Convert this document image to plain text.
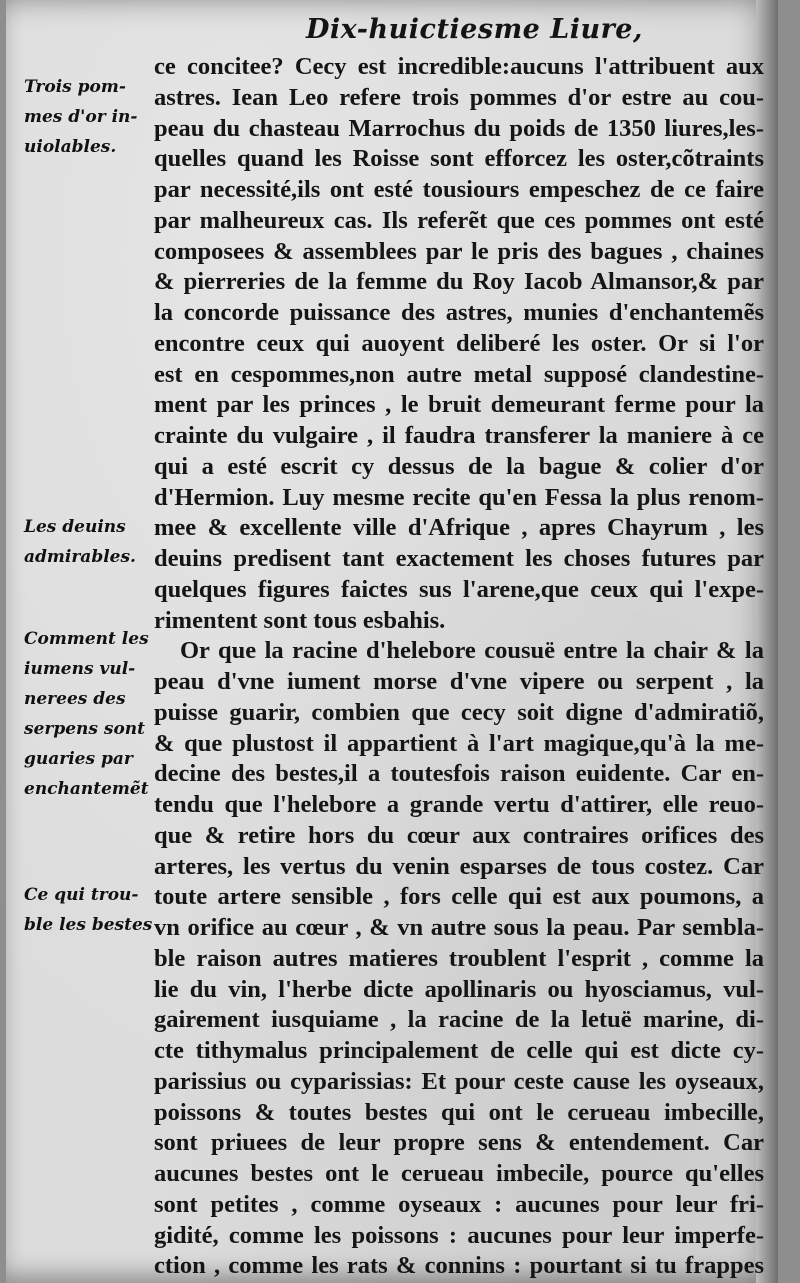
Dix-huictiesme Liure,
Trois pom-
mes d'or in-
uiolables.
Les deuins
admirables.
Comment les
iumens vul-
nerees des
serpens sont
guaries par
enchantemẽt
Ce qui trou-
ble les bestes
ce concitee? Cecy est incredible:aucuns l'attribuent aux
astres. Iean Leo refere trois pommes d'or estre au cou-
peau du chasteau Marrochus du poids de 1350 liures,les-
quelles quand les Roisse sont efforcez les oster,cõtraints
par necessité,ils ont esté tousiours empeschez de ce faire
par malheureux cas. Ils referẽt que ces pommes ont esté
composees & assemblees par le pris des bagues , chaines
& pierreries de la femme du Roy Iacob Almansor,& par
la concorde puissance des astres, munies d'enchantemẽs
encontre ceux qui auoyent deliberé les oster. Or si l'or
est en cespommes,non autre metal supposé clandestine-
ment par les princes , le bruit demeurant ferme pour la
crainte du vulgaire , il faudra transferer la maniere à ce
qui a esté escrit cy dessus de la bague & colier d'or
d'Hermion. Luy mesme recite qu'en Fessa la plus renom-
mee & excellente ville d'Afrique , apres Chayrum , les
deuins predisent tant exactement les choses futures par
quelques figures faictes sus l'arene,que ceux qui l'expe-
rimentent sont tous esbahis.
Or que la racine d'helebore cousuë entre la chair & la
peau d'vne iument morse d'vne vipere ou serpent , la
puisse guarir, combien que cecy soit digne d'admiratiõ,
& que plustost il appartient à l'art magique,qu'à la me-
decine des bestes,il a toutesfois raison euidente. Car en-
tendu que l'helebore a grande vertu d'attirer, elle reuo-
que & retire hors du cœur aux contraires orifices des
arteres, les vertus du venin esparses de tous costez. Car
toute artere sensible , fors celle qui est aux poumons, a
vn orifice au cœur , & vn autre sous la peau. Par sembla-
ble raison autres matieres troublent l'esprit , comme la
lie du vin, l'herbe dicte apollinaris ou hyosciamus, vul-
gairement iusquiame , la racine de la letuë marine, di-
cte tithymalus principalement de celle qui est dicte cy-
parissius ou cyparissias: Et pour ceste cause les oyseaux,
poissons & toutes bestes qui ont le cerueau imbecille,
sont priuees de leur propre sens & entendement. Car
aucunes bestes ont le cerueau imbecile, pource qu'elles
sont petites , comme oyseaux : aucunes pour leur fri-
gidité, comme les poissons : aucunes pour leur imperfe-
ction , comme les rats & connins : pourtant si tu frappes
